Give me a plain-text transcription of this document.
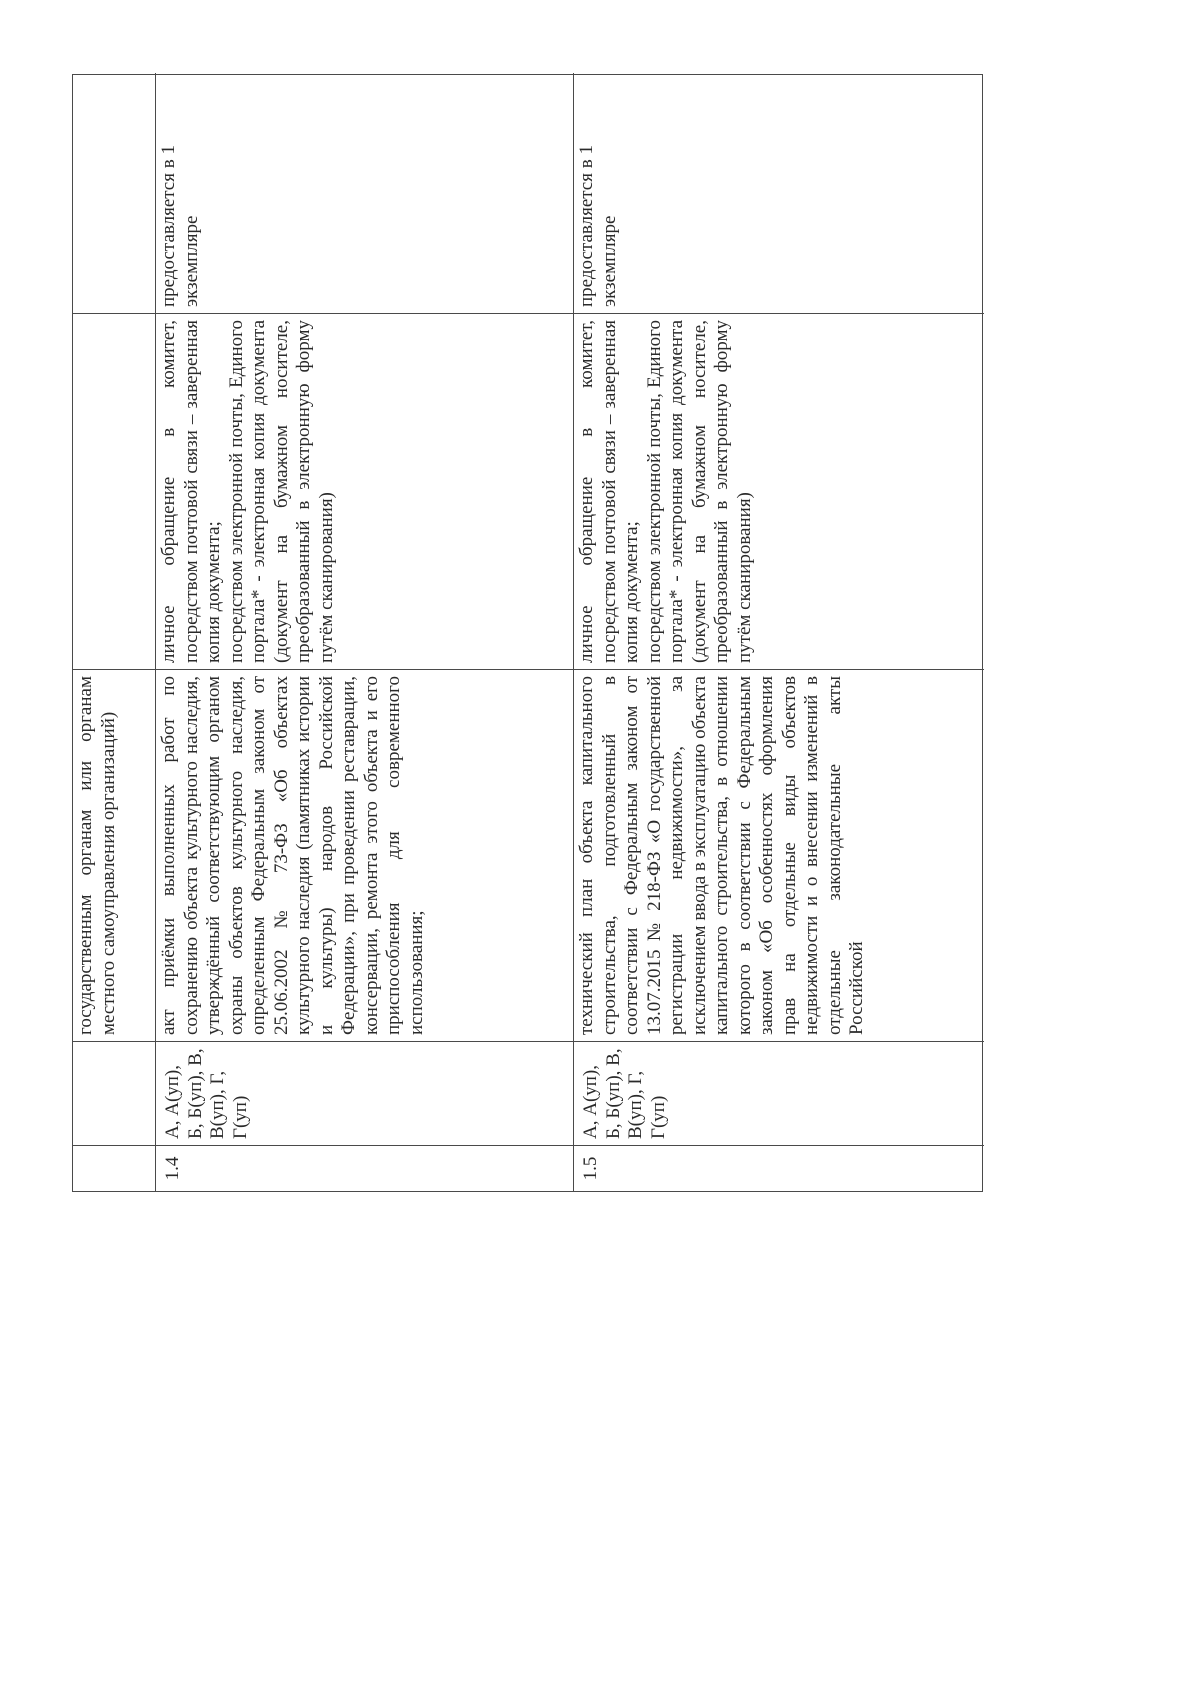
государственным органам или органам местного самоуправления организаций)
1.4
А, А(уп), Б, Б(уп), В, В(уп), Г, Г(уп)
акт приёмки выполненных работ по сохранению объекта культурного наследия, утверждённый соответствующим органом охраны объектов культурного наследия, определенным Федеральным законом от 25.06.2002 № 73-ФЗ «Об объектах культурного наследия (памятниках истории и культуры) народов Российской Федерации», при проведении реставрации, консервации, ремонта этого объекта и его приспособления для современного использования;
личное обращение в комитет, посредством почтовой связи – заверенная копия документа;
посредством электронной почты, Единого портала* - электронная копия документа (документ на бумажном носителе, преобразованный в электронную форму путём сканирования)
предоставляется в 1 экземпляре
1.5
А, А(уп), Б, Б(уп), В, В(уп), Г, Г(уп)
технический план объекта капитального строительства, подготовленный в соответствии с Федеральным законом от 13.07.2015 № 218-ФЗ «О государственной регистрации недвижимости», за исключением ввода в эксплуатацию объекта капитального строительства, в отношении которого в соответствии с Федеральным законом «Об особенностях оформления прав на отдельные виды объектов недвижимости и о внесении изменений в отдельные законодательные акты Российской
личное обращение в комитет, посредством почтовой связи – заверенная копия документа;
посредством электронной почты, Единого портала* - электронная копия документа (документ на бумажном носителе, преобразованный в электронную форму путём сканирования)
предоставляется в 1 экземпляре
